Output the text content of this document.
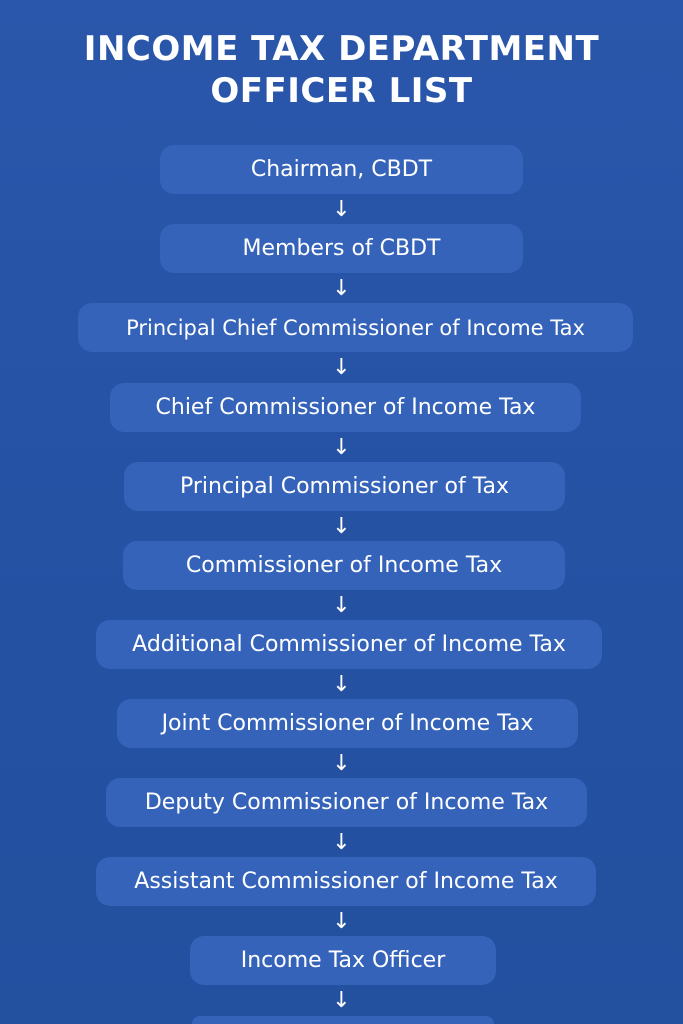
INCOME TAX DEPARTMENT
OFFICER LIST
Chairman, CBDT
↓
Members of CBDT
↓
Principal Chief Commissioner of Income Tax
↓
Chief Commissioner of Income Tax
↓
Principal Commissioner of Tax
↓
Commissioner of Income Tax
↓
Additional Commissioner of Income Tax
↓
Joint Commissioner of Income Tax
↓
Deputy Commissioner of Income Tax
↓
Assistant Commissioner of Income Tax
↓
Income Tax Officer
↓
